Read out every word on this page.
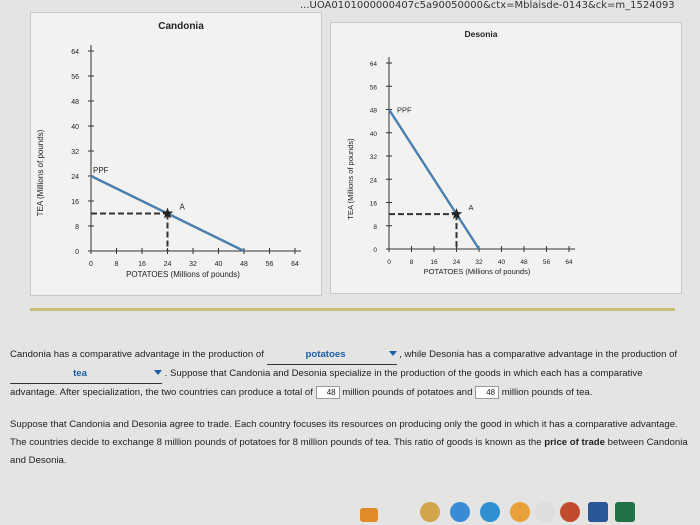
...UOA0101000000407c5a90050000&ctx=Mblaisde-0143&ck=m_1524093
Candonia
TEA (Millions of pounds)
POTATOES (Millions of pounds)
0
8
16
24
32
40
48
56
64
0	8	16	24	32	40	48	56	64
PPF
A
Desonia
TEA (Millions of pounds)
POTATOES (Millions of pounds)
0
8
16
24
32
40
48
56
64
0	8	16 24 32 40 48 56 64
PPF
A

Candonia has a comparative advantage in the production of	potatoes	, while Desonia has a comparative advantage in the production of tea	. Suppose that Candonia and Desonia specialize in the production of the goods in which each has a comparative advantage. After specialization, the two countries can produce a total of 48 million pounds of potatoes and 48 million pounds of tea.

Suppose that Candonia and Desonia agree to trade. Each country focuses its resources on producing only the good in which it has a comparative advantage. The countries decide to exchange 8 million pounds of potatoes for 8 million pounds of tea. This ratio of goods is known as the price of trade between Candonia and Desonia.
